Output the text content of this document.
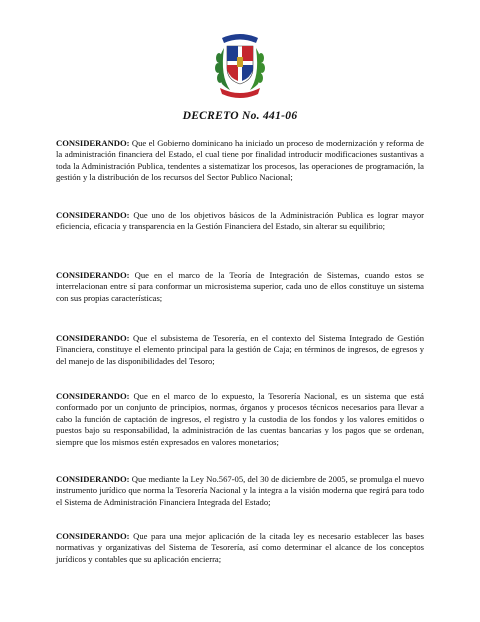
DECRETO No. 441-06
CONSIDERANDO: Que el Gobierno dominicano ha iniciado un proceso de modernización y reforma de la administración financiera del Estado, el cual tiene por finalidad introducir modificaciones sustantivas a toda la Administración Publica, tendentes a sistematizar los procesos, las operaciones de programación, la gestión y la distribución de los recursos del Sector Publico Nacional;
CONSIDERANDO: Que uno de los objetivos básicos de la Administración Publica es lograr mayor eficiencia, eficacia y transparencia en la Gestión Financiera del Estado, sin alterar su equilibrio;
CONSIDERANDO: Que en el marco de la Teoría de Integración de Sistemas, cuando estos se interrelacionan entre sí para conformar un microsistema superior, cada uno de ellos constituye un sistema con sus propias características;
CONSIDERANDO: Que el subsistema de Tesorería, en el contexto del Sistema Integrado de Gestión Financiera, constituye el elemento principal para la gestión de Caja; en términos de ingresos, de egresos y del manejo de las disponibilidades del Tesoro;
CONSIDERANDO: Que en el marco de lo expuesto, la Tesorería Nacional, es un sistema que está conformado por un conjunto de principios, normas, órganos y procesos técnicos necesarios para llevar a cabo la función de captación de ingresos, el registro y la custodia de los fondos y los valores emitidos o puestos bajo su responsabilidad, la administración de las cuentas bancarias y los pagos que se ordenan, siempre que los mismos estén expresados en valores monetarios;
CONSIDERANDO: Que mediante la Ley No.567-05, del 30 de diciembre de 2005, se promulga el nuevo instrumento jurídico que norma la Tesorería Nacional y la integra a la visión moderna que regirá para todo el Sistema de Administración Financiera Integrada del Estado;
CONSIDERANDO: Que para una mejor aplicación de la citada ley es necesario establecer las bases normativas y organizativas del Sistema de Tesorería, así como determinar el alcance de los conceptos jurídicos y contables que su aplicación encierra;
